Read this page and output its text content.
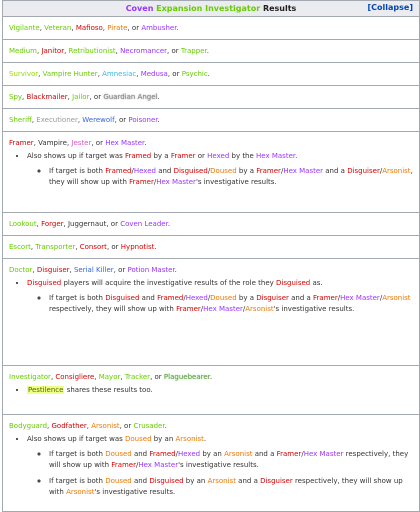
Coven Expansion Investigator Results	[Collapse]
Vigilante, Veteran, Mafioso, Pirate, or Ambusher.
Medium, Janitor, Retributionist, Necromancer, or Trapper.
Survivor, Vampire Hunter, Amnesiac, Medusa, or Psychic.
Spy, Blackmailer, Jailor, or Guardian Angel.
Sheriff, Executioner, Werewolf, or Poisoner.
Framer, Vampire, Jester, or Hex Master.
• Also shows up if target was Framed by a Framer or Hexed by the Hex Master.
◦ If target is both Framed/Hexed and Disguised/Doused by a Framer/Hex Master and a Disguiser/Arsonist, they will show up with Framer/Hex Master's investigative results.
Lookout, Forger, Juggernaut, or Coven Leader.
Escort, Transporter, Consort, or Hypnotist.
Doctor, Disguiser, Serial Killer, or Potion Master.
• Disguised players will acquire the investigative results of the role they Disguised as.
◦ If target is both Disguised and Framed/Hexed/Doused by a Disguiser and a Framer/Hex Master/Arsonist respectively, they will show up with Framer/Hex Master/Arsonist's investigative results.
Investigator, Consigliere, Mayor, Tracker, or Plaguebearer.
• Pestilence shares these results too.
Bodyguard, Godfather, Arsonist, or Crusader.
• Also shows up if target was Doused by an Arsonist.
◦ If target is both Doused and Framed/Hexed by an Arsonist and a Framer/Hex Master respectively, they will show up with Framer/Hex Master's investigative results.
◦ If target is both Doused and Disguised by an Arsonist and a Disguiser respectively, they will show up with Arsonist's investigative results.
